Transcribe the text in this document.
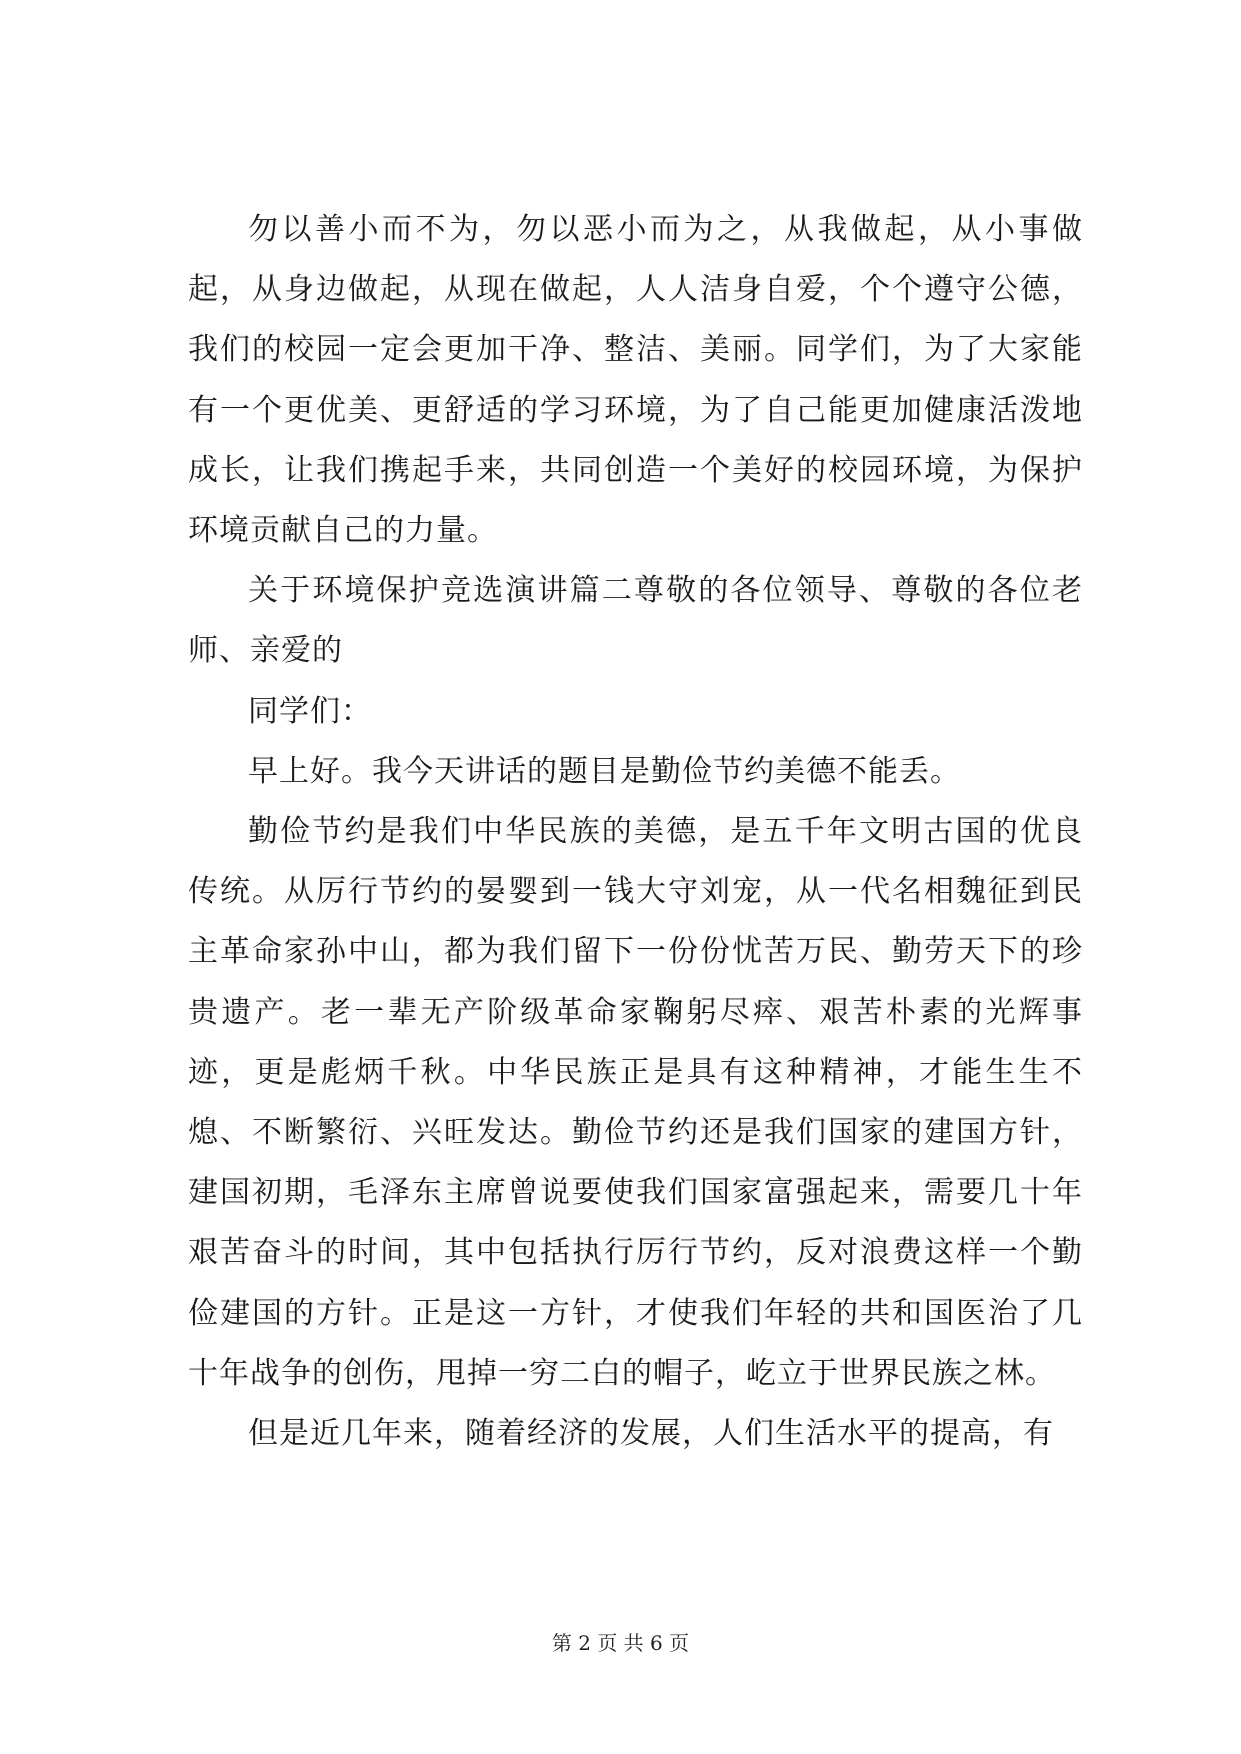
勿以善小而不为，勿以恶小而为之，从我做起，从小事做起，从身边做起，从现在做起，人人洁身自爱，个个遵守公德，我们的校园一定会更加干净、整洁、美丽。同学们，为了大家能有一个更优美、更舒适的学习环境，为了自己能更加健康活泼地成长，让我们携起手来，共同创造一个美好的校园环境，为保护环境贡献自己的力量。

关于环境保护竞选演讲篇二尊敬的各位领导、尊敬的各位老师、亲爱的

同学们：

早上好。我今天讲话的题目是勤俭节约美德不能丢。

勤俭节约是我们中华民族的美德，是五千年文明古国的优良传统。从厉行节约的晏婴到一钱大守刘宠，从一代名相魏征到民主革命家孙中山，都为我们留下一份份忧苦万民、勤劳天下的珍贵遗产。老一辈无产阶级革命家鞠躬尽瘁、艰苦朴素的光辉事迹，更是彪炳千秋。中华民族正是具有这种精神，才能生生不熄、不断繁衍、兴旺发达。勤俭节约还是我们国家的建国方针，建国初期，毛泽东主席曾说要使我们国家富强起来，需要几十年艰苦奋斗的时间，其中包括执行厉行节约，反对浪费这样一个勤俭建国的方针。正是这一方针，才使我们年轻的共和国医治了几十年战争的创伤，甩掉一穷二白的帽子，屹立于世界民族之林。

但是近几年来，随着经济的发展，人们生活水平的提高，有

第 2 页 共 6 页
